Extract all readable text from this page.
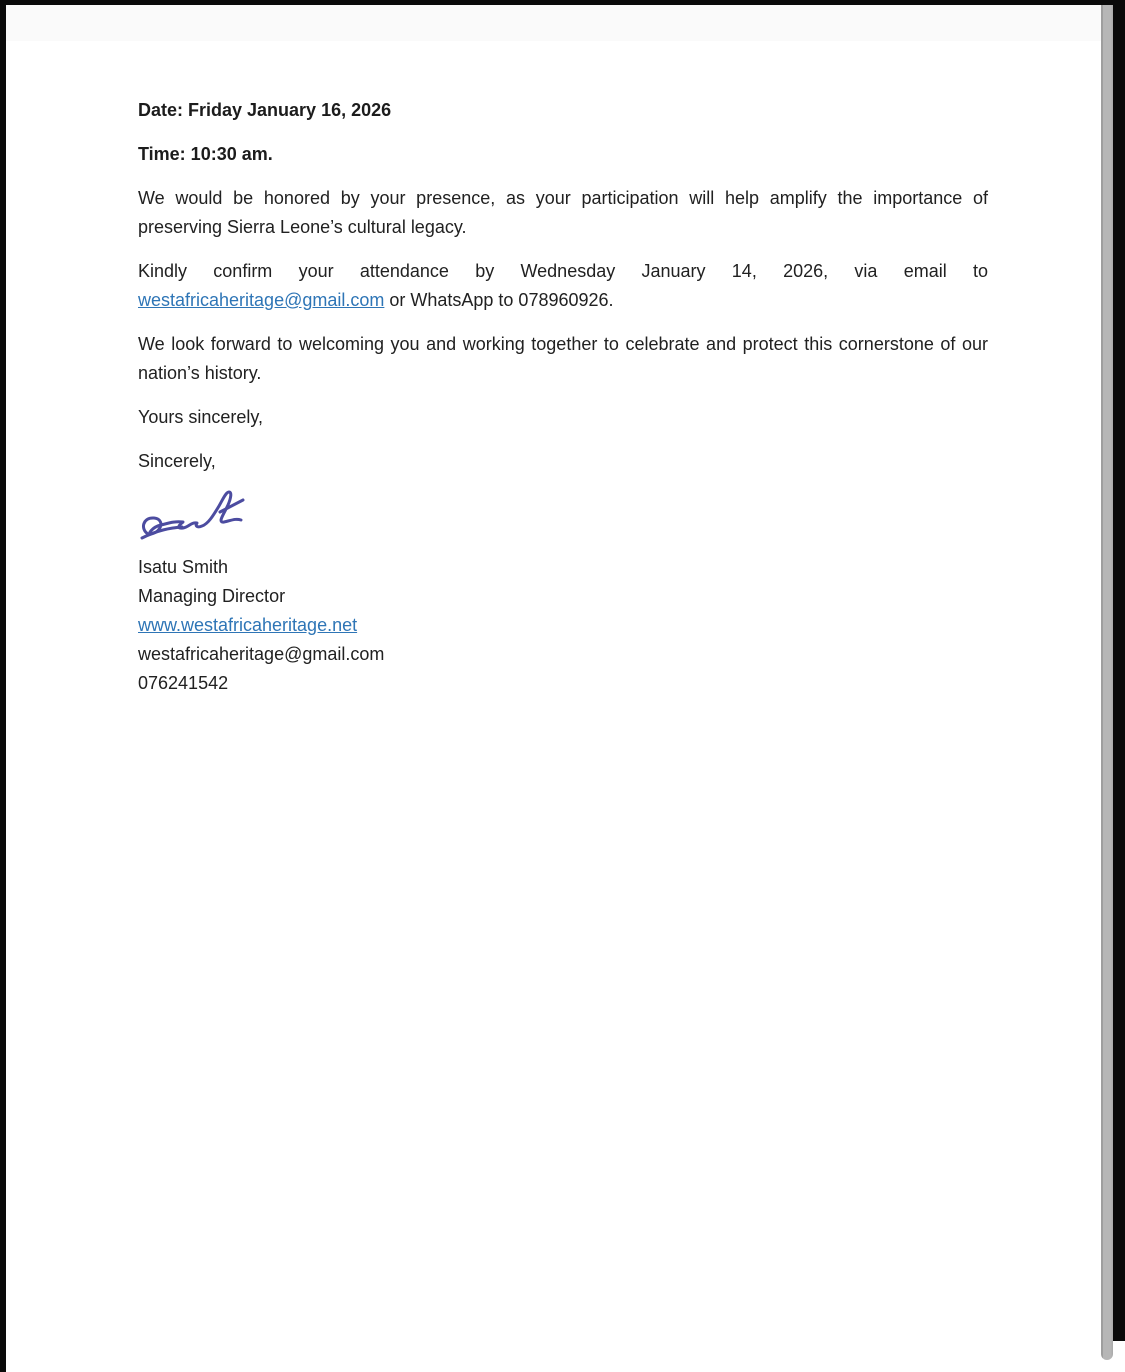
Date: Friday January 16, 2026

Time: 10:30 am.

We would be honored by your presence, as your participation will help amplify the importance of preserving Sierra Leone’s cultural legacy.

Kindly confirm your attendance by Wednesday January 14, 2026, via email to westafricaheritage@gmail.com or WhatsApp to 078960926.

We look forward to welcoming you and working together to celebrate and protect this cornerstone of our nation’s history.

Yours sincerely,

Sincerely,

Isatu Smith
Managing Director
www.westafricaheritage.net
westafricaheritage@gmail.com
076241542
